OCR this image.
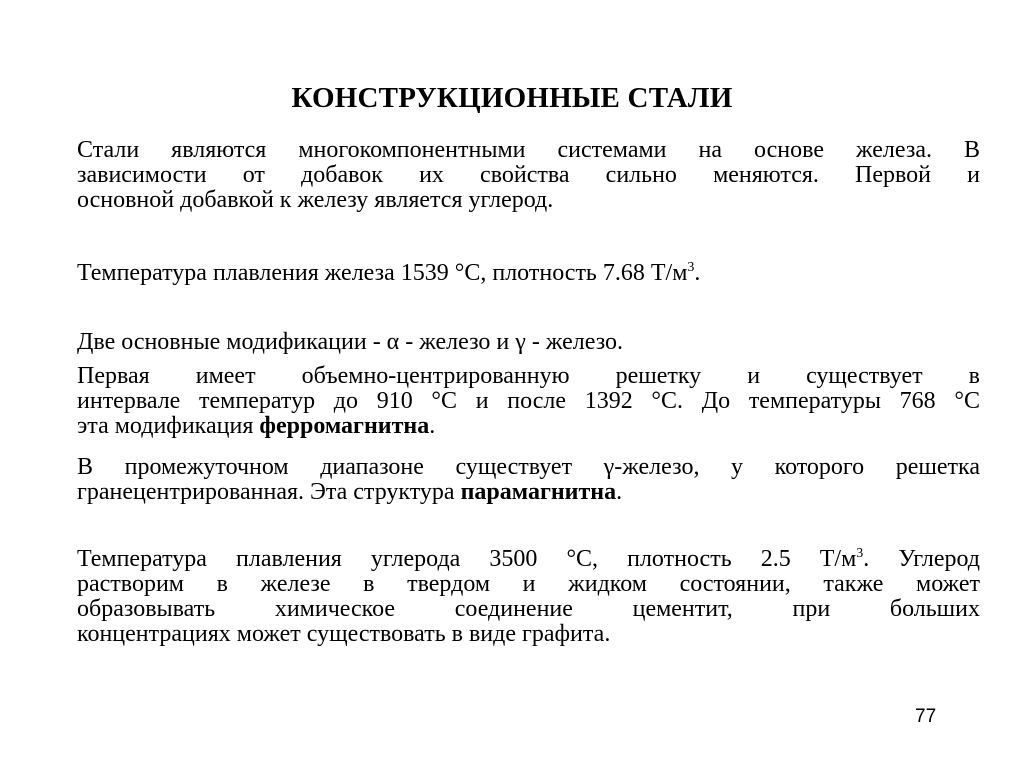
КОНСТРУКЦИОННЫЕ СТАЛИ
Стали являются многокомпонентными системами на основе железа. В
зависимости от добавок их свойства сильно меняются. Первой и
основной добавкой к железу является углерод.
Температура плавления железа 1539 °С, плотность 7.68 $Т/м^3$.
Две основные модификации - α - железо и γ - железо.
Первая имеет объемно-центрированную решетку и существует в
интервале температур до 910 °С и после 1392 °С. До температуры 768 °С
эта модификация ферромагнитна.
В промежуточном диапазоне существует γ-железо, у которого решетка
гранецентрированная. Эта структура парамагнитна.
Температура плавления углерода 3500 °С, плотность 2.5 $Т/м^3$. Углерод
растворим в железе в твердом и жидком состоянии, также может
образовывать химическое соединение цементит, при больших
концентрациях может существовать в виде графита.
77
